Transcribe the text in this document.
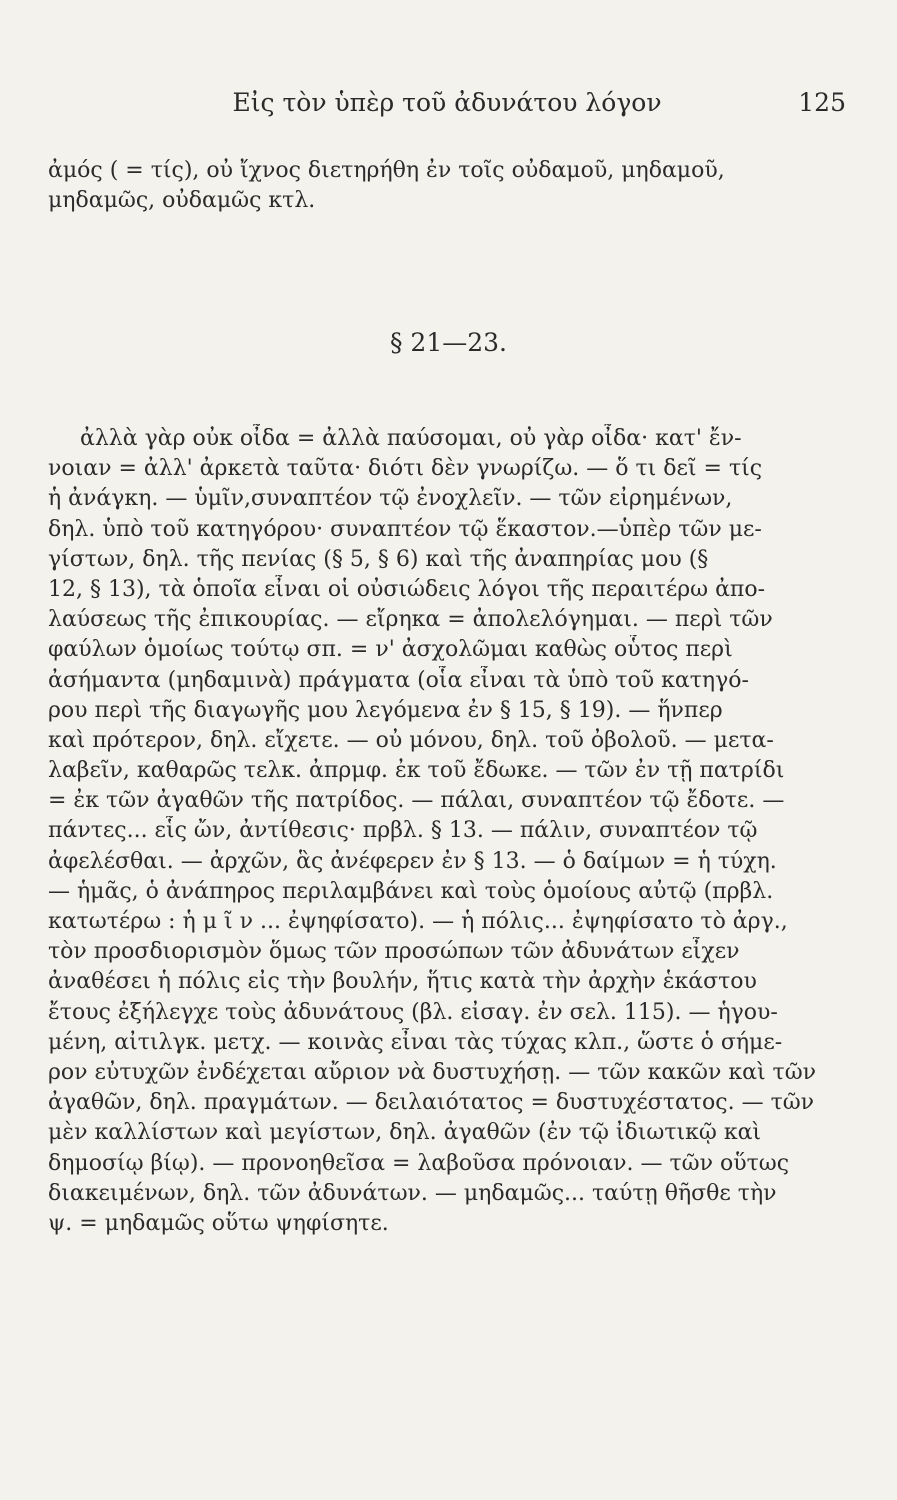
Εἰς τὸν ὑπὲρ τοῦ ἀδυνάτου λόγον	125
ἀμός ( = τίς), οὐ ἴχνος διετηρήθη ἐν τοῖς οὐδαμοῦ, μηδαμοῦ,
μηδαμῶς, οὐδαμῶς κτλ.
§ 21—23.
ἀλλὰ γὰρ οὐκ οἶδα = ἀλλὰ παύσομαι, οὐ γὰρ οἶδα· κατ' ἔν-
νοιαν = ἀλλ' ἀρκετὰ ταῦτα· διότι δὲν γνωρίζω. — ὅ τι δεῖ = τίς
ἡ ἀνάγκη. — ὑμῖν,συναπτέον τῷ ἐνοχλεῖν. — τῶν εἰρημένων,
δηλ. ὑπὸ τοῦ κατηγόρου· συναπτέον τῷ ἕκαστον.—ὑπὲρ τῶν με-
γίστων, δηλ. τῆς πενίας (§ 5, § 6) καὶ τῆς ἀναπηρίας μου (§
12, § 13), τὰ ὁποῖα εἶναι οἱ οὐσιώδεις λόγοι τῆς περαιτέρω ἀπο-
λαύσεως τῆς ἐπικουρίας. — εἴρηκα = ἀπολελόγημαι. — περὶ τῶν
φαύλων ὁμοίως τούτῳ σπ. = ν' ἀσχολῶμαι καθὼς οὗτος περὶ
ἀσήμαντα (μηδαμινὰ) πράγματα (οἷα εἶναι τὰ ὑπὸ τοῦ κατηγό-
ρου περὶ τῆς διαγωγῆς μου λεγόμενα ἐν § 15, § 19). — ἥνπερ
καὶ πρότερον, δηλ. εἴχετε. — οὐ μόνου, δηλ. τοῦ ὀβολοῦ. — μετα-
λαβεῖν, καθαρῶς τελκ. ἀπρμφ. ἐκ τοῦ ἔδωκε. — τῶν ἐν τῇ πατρίδι
= ἐκ τῶν ἀγαθῶν τῆς πατρίδος. — πάλαι, συναπτέον τῷ ἔδοτε. —
πάντες... εἷς ὤν, ἀντίθεσις· πρβλ. § 13. — πάλιν, συναπτέον τῷ
ἀφελέσθαι. — ἀρχῶν, ἃς ἀνέφερεν ἐν § 13. — ὁ δαίμων = ἡ τύχη.
— ἡμᾶς, ὁ ἀνάπηρος περιλαμβάνει καὶ τοὺς ὁμοίους αὐτῷ (πρβλ.
κατωτέρω : ἡ μ ῖ ν ... ἐψηφίσατο). — ἡ πόλις... ἐψηφίσατο τὸ ἀργ.,
τὸν προσδιορισμὸν ὅμως τῶν προσώπων τῶν ἀδυνάτων εἶχεν
ἀναθέσει ἡ πόλις εἰς τὴν βουλήν, ἥτις κατὰ τὴν ἀρχὴν ἑκάστου
ἔτους ἐξήλεγχε τοὺς ἀδυνάτους (βλ. εἰσαγ. ἐν σελ. 115). — ἡγου-
μένη, αἰτιλγκ. μετχ. — κοινὰς εἶναι τὰς τύχας κλπ., ὥστε ὁ σήμε-
ρον εὐτυχῶν ἐνδέχεται αὔριον νὰ δυστυχήσῃ. — τῶν κακῶν καὶ τῶν
ἀγαθῶν, δηλ. πραγμάτων. — δειλαιότατος = δυστυχέστατος. — τῶν
μὲν καλλίστων καὶ μεγίστων, δηλ. ἀγαθῶν (ἐν τῷ ἰδιωτικῷ καὶ
δημοσίῳ βίῳ). — προνοηθεῖσα = λαβοῦσα πρόνοιαν. — τῶν οὕτως
διακειμένων, δηλ. τῶν ἀδυνάτων. — μηδαμῶς... ταύτῃ θῆσθε τὴν
ψ. = μηδαμῶς οὕτω ψηφίσητε.
